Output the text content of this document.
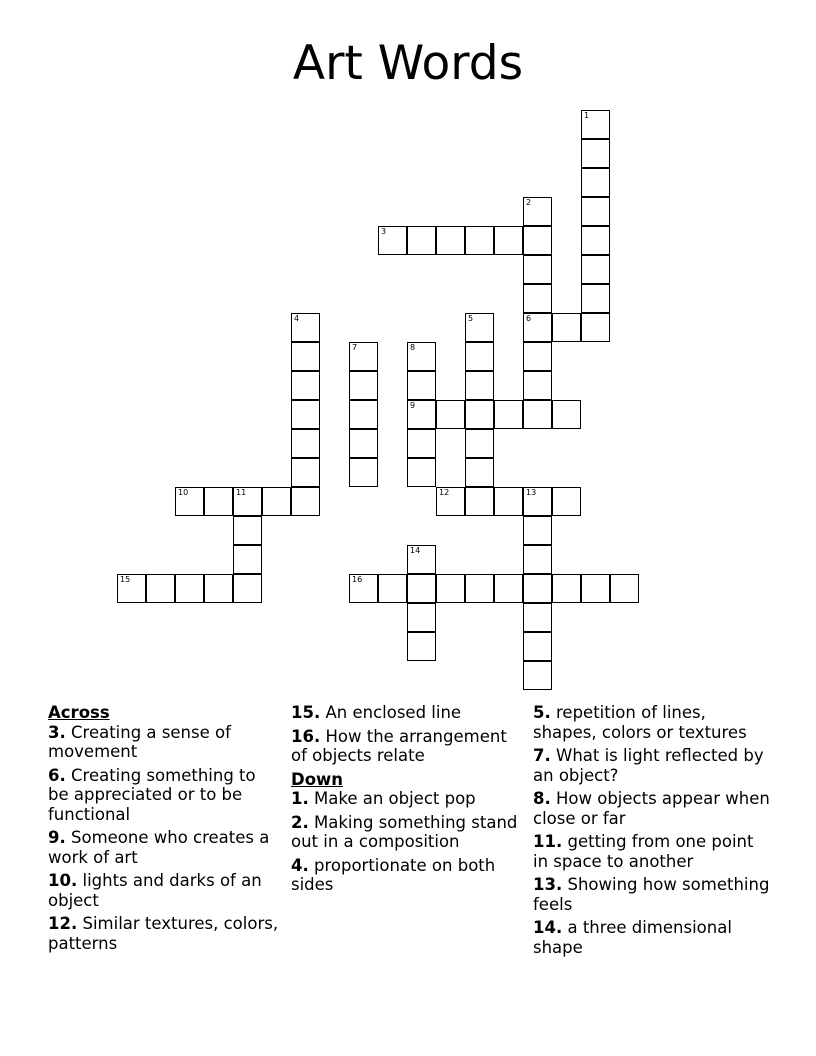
Art Words
1
2
6
3
4	5
7	8
9
10	11	12	13
14
15	16
Across
3. Creating a sense of movement
6. Creating something to be appreciated or to be functional
9. Someone who creates a work of art
10. lights and darks of an object
12. Similar textures, colors, patterns
15. An enclosed line
16. How the arrangement of objects relate
Down
1. Make an object pop
2. Making something stand out in a composition
4. proportionate on both sides
5. repetition of lines, shapes, colors or textures
7. What is light reflected by an object?
8. How objects appear when close or far
11. getting from one point in space to another
13. Showing how something feels
14. a three dimensional shape
